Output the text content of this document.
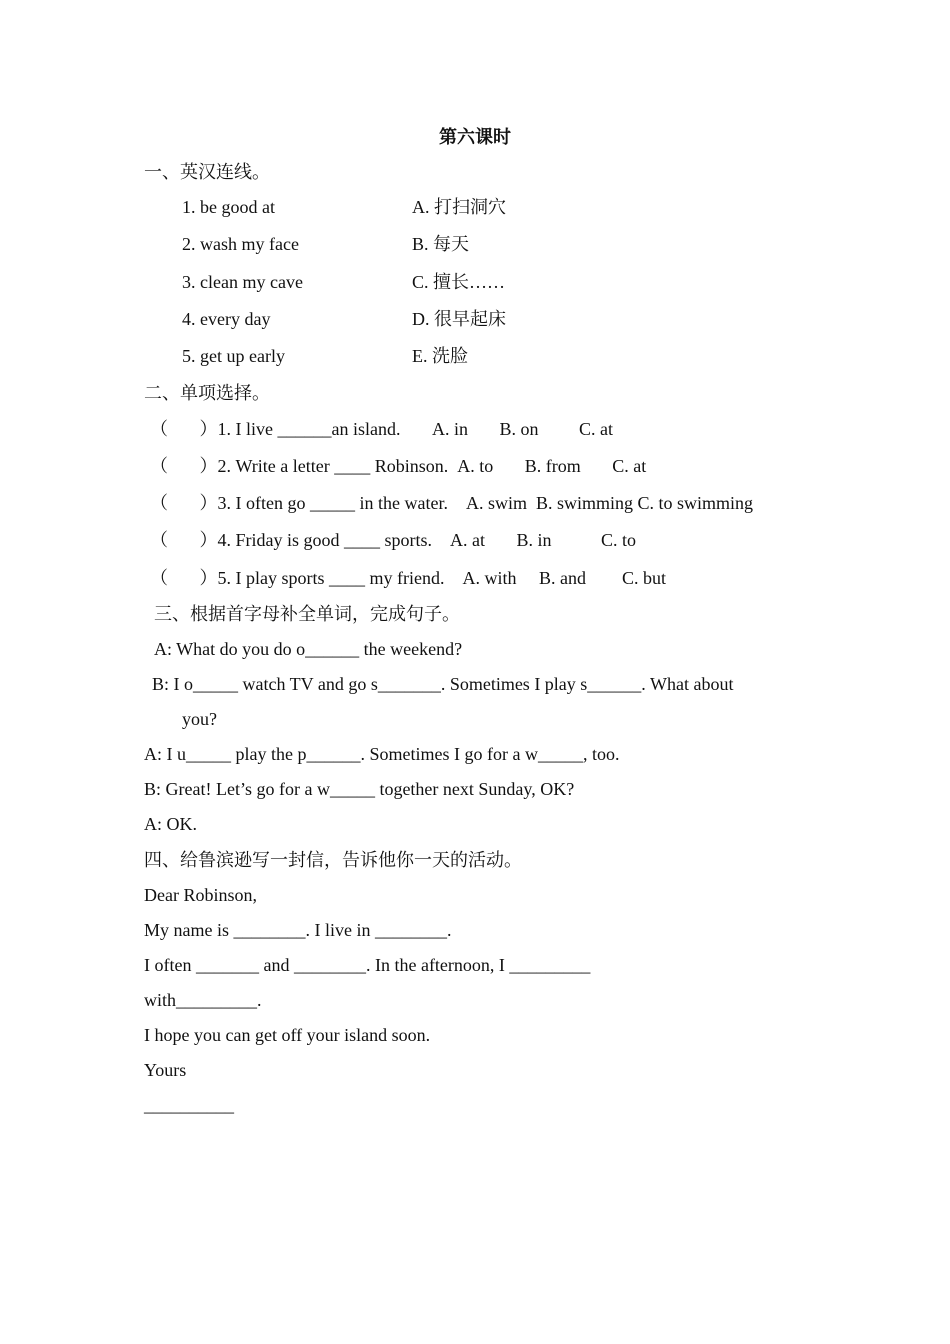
第六课时
一、英汉连线。
1. be good at	A. 打扫洞穴
2. wash my face	B. 每天
3. clean my cave	C. 擅长……
4. every day	D. 很早起床
5. get up early	E. 洗脸
二、单项选择。
（       ）1. I live ______an island.       A. in       B. on         C. at
（       ）2. Write a letter ____ Robinson.  A. to       B. from       C. at
（       ）3. I often go _____ in the water.    A. swim  B. swimming C. to swimming
（       ）4. Friday is good ____ sports.    A. at       B. in           C. to
（       ）5. I play sports ____ my friend.    A. with     B. and        C. but
三、根据首字母补全单词，完成句子。
A: What do you do o______ the weekend?
B: I o_____ watch TV and go s_______. Sometimes I play s______. What about
you?
A: I u_____ play the p______. Sometimes I go for a w_____, too.
B: Great! Let’s go for a w_____ together next Sunday, OK?
A: OK.
四、给鲁滨逊写一封信，告诉他你一天的活动。
Dear Robinson,
My name is ________. I live in ________.
I often _______ and ________. In the afternoon, I _________
with_________.
I hope you can get off your island soon.
Yours
__________
